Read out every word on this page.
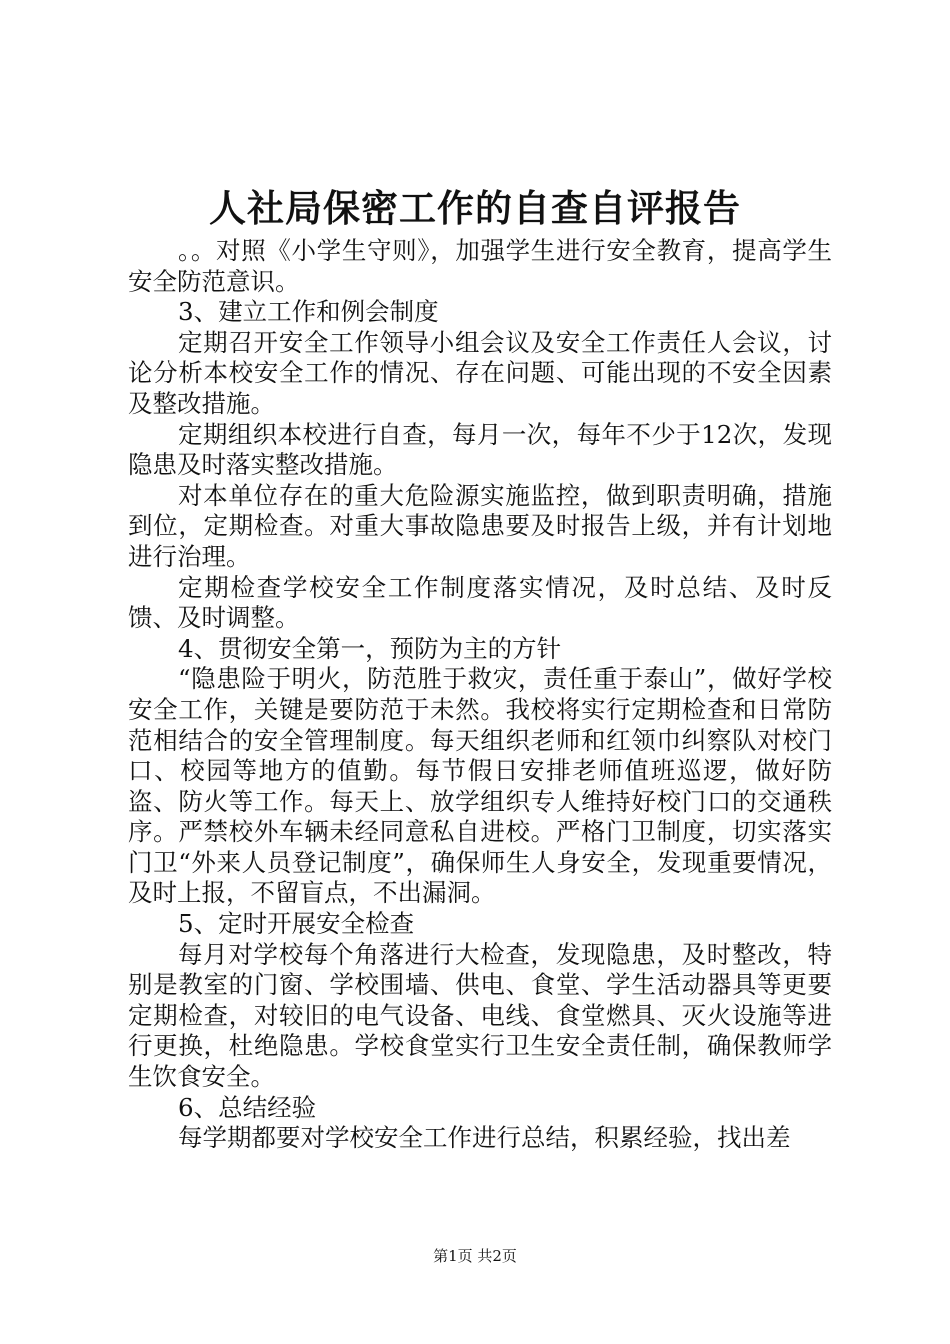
人社局保密工作的自查自评报告

。。对照《小学生守则》，加强学生进行安全教育，提高学生安全防范意识。

3、建立工作和例会制度

定期召开安全工作领导小组会议及安全工作责任人会议，讨论分析本校安全工作的情况、存在问题、可能出现的不安全因素及整改措施。

定期组织本校进行自查，每月一次，每年不少于12次，发现隐患及时落实整改措施。

对本单位存在的重大危险源实施监控，做到职责明确，措施到位，定期检查。对重大事故隐患要及时报告上级，并有计划地进行治理。

定期检查学校安全工作制度落实情况，及时总结、及时反馈、及时调整。

4、贯彻安全第一，预防为主的方针

“隐患险于明火，防范胜于救灾，责任重于泰山”，做好学校安全工作，关键是要防范于未然。我校将实行定期检查和日常防范相结合的安全管理制度。每天组织老师和红领巾纠察队对校门口、校园等地方的值勤。每节假日安排老师值班巡逻，做好防盗、防火等工作。每天上、放学组织专人维持好校门口的交通秩序。严禁校外车辆未经同意私自进校。严格门卫制度，切实落实门卫“外来人员登记制度”，确保师生人身安全，发现重要情况，及时上报，不留盲点，不出漏洞。

5、定时开展安全检查

每月对学校每个角落进行大检查，发现隐患，及时整改，特别是教室的门窗、学校围墙、供电、食堂、学生活动器具等更要定期检查，对较旧的电气设备、电线、食堂燃具、灭火设施等进行更换，杜绝隐患。学校食堂实行卫生安全责任制，确保教师学生饮食安全。

6、总结经验

每学期都要对学校安全工作进行总结，积累经验，找出差

第1页 共2页
